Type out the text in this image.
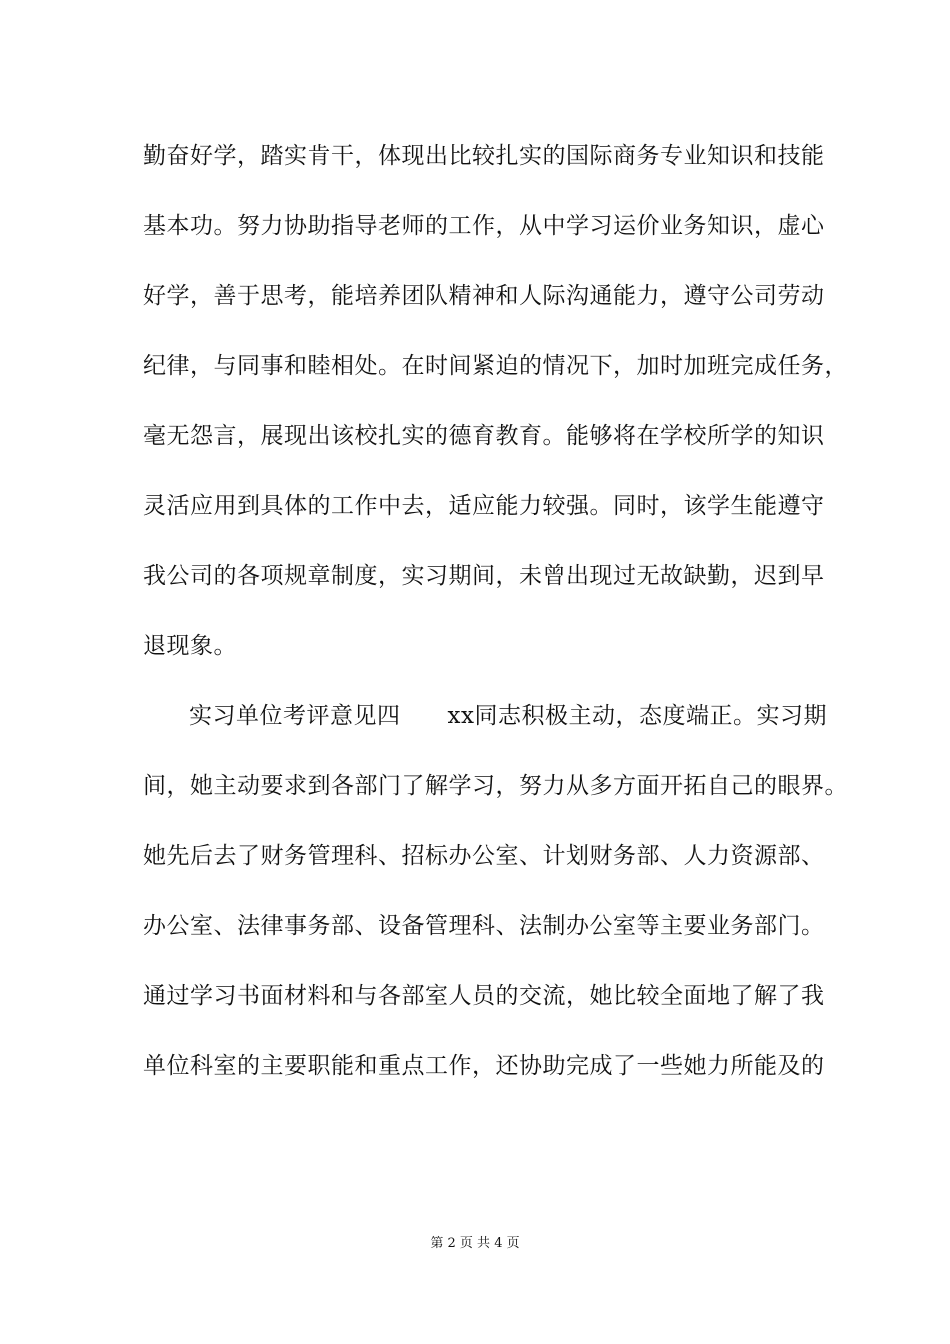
勤奋好学，踏实肯干，体现出比较扎实的国际商务专业知识和技能
基本功。努力协助指导老师的工作，从中学习运价业务知识，虚心
好学，善于思考，能培养团队精神和人际沟通能力，遵守公司劳动
纪律，与同事和睦相处。在时间紧迫的情况下，加时加班完成任务，
毫无怨言，展现出该校扎实的德育教育。能够将在学校所学的知识
灵活应用到具体的工作中去，适应能力较强。同时，该学生能遵守
我公司的各项规章制度，实习期间，未曾出现过无故缺勤，迟到早
退现象。
实习单位考评意见四　　xx同志积极主动，态度端正。实习期
间，她主动要求到各部门了解学习，努力从多方面开拓自己的眼界。
她先后去了财务管理科、招标办公室、计划财务部、人力资源部、
办公室、法律事务部、设备管理科、法制办公室等主要业务部门。
通过学习书面材料和与各部室人员的交流，她比较全面地了解了我
单位科室的主要职能和重点工作，还协助完成了一些她力所能及的
第 2 页 共 4 页
